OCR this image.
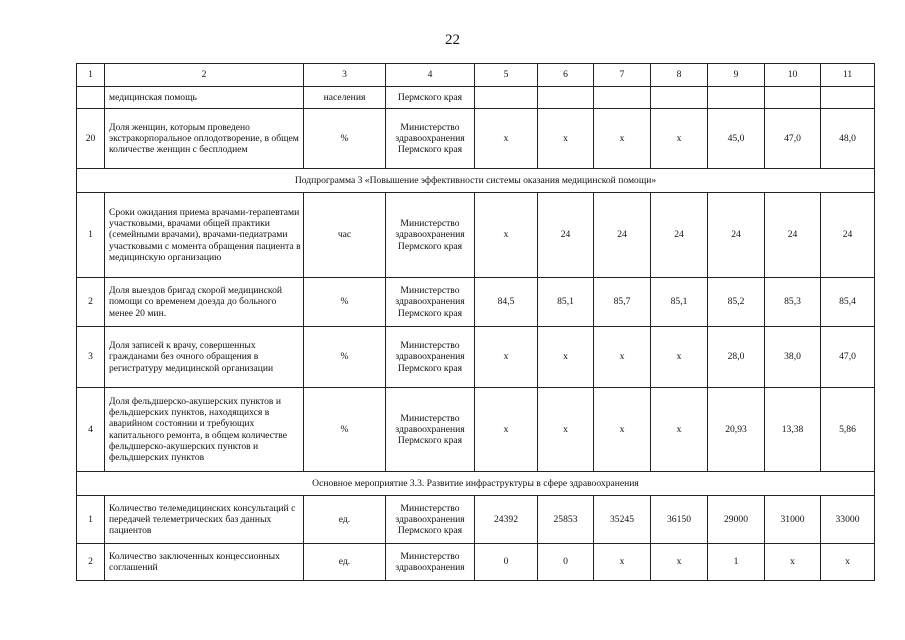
22
1	2	3	4	5	6	7	8	9	10	11
	медицинская помощь	населения	Пермского края							
20	Доля женщин, которым проведено экстракорпоральное оплодотворение, в общем количестве женщин с бесплодием	%	Министерство здравоохранения Пермского края	x	x	x	x	45,0	47,0	48,0
Подпрограмма 3 «Повышение эффективности системы оказания медицинской помощи»										
1	Сроки ожидания приема врачами-терапевтами участковыми, врачами общей практики (семейными врачами), врачами-педиатрами участковыми с момента обращения пациента в медицинскую организацию	час	Министерство здравоохранения Пермского края	x	24	24	24	24	24	24
2	Доля выездов бригад скорой медицинской помощи со временем доезда до больного менее 20 мин.	%	Министерство здравоохранения Пермского края	84,5	85,1	85,7	85,1	85,2	85,3	85,4
3	Доля записей к врачу, совершенных гражданами без очного обращения в регистратуру медицинской организации	%	Министерство здравоохранения Пермского края	x	x	x	x	28,0	38,0	47,0
4	Доля фельдшерско-акушерских пунктов и фельдшерских пунктов, находящихся в аварийном состоянии и требующих капитального ремонта, в общем количестве фельдшерско-акушерских пунктов и фельдшерских пунктов	%	Министерство здравоохранения Пермского края	x	x	x	x	20,93	13,38	5,86
Основное мероприятие 3.3. Развитие инфраструктуры в сфере здравоохранения										
1	Количество телемедицинских консультаций с передачей телеметрических баз данных пациентов	ед.	Министерство здравоохранения Пермского края	24392	25853	35245	36150	29000	31000	33000
2	Количество заключенных концессионных соглашений	ед.	Министерство здравоохранения	0	0	x	x	1	x	x
